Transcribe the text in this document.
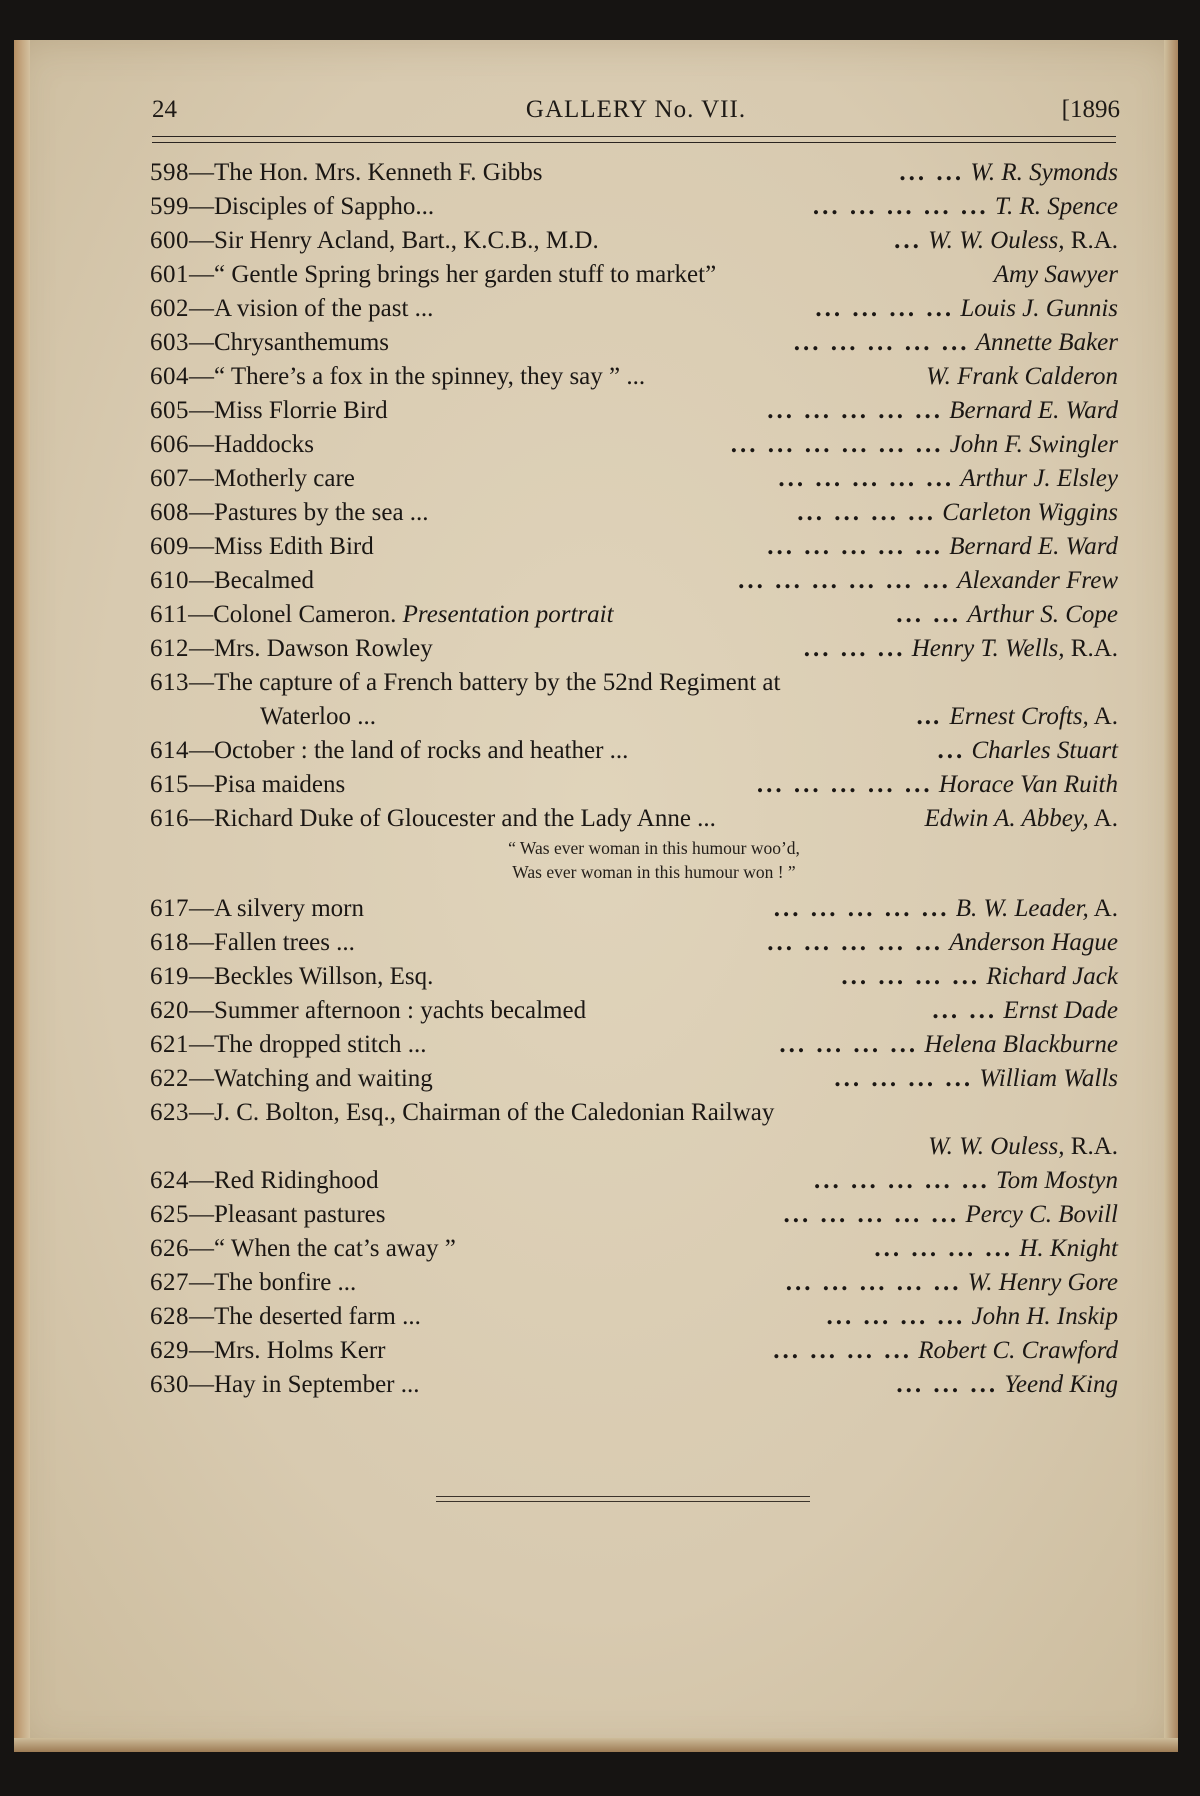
24	GALLERY No. VII.	[1896
598—The Hon. Mrs. Kenneth F. Gibbs	... ... W. R. Symonds
599—Disciples of Sappho...	... ... ... ... ... T. R. Spence
600—Sir Henry Acland, Bart., K.C.B., M.D.	... W. W. Ouless, R.A.
601—“ Gentle Spring brings her garden stuff to market”	Amy Sawyer
602—A vision of the past ...	... ... ... ... Louis J. Gunnis
603—Chrysanthemums	... ... ... ... ... Annette Baker
604—“ There’s a fox in the spinney, they say ” ...	W. Frank Calderon
605—Miss Florrie Bird	... ... ... ... ... Bernard E. Ward
606—Haddocks	... ... ... ... ... ... John F. Swingler
607—Motherly care	... ... ... ... ... Arthur J. Elsley
608—Pastures by the sea ...	... ... ... ... Carleton Wiggins
609—Miss Edith Bird	... ... ... ... ... Bernard E. Ward
610—Becalmed	... ... ... ... ... ... Alexander Frew
611—Colonel Cameron. Presentation portrait	... ... Arthur S. Cope
612—Mrs. Dawson Rowley	... ... ... Henry T. Wells, R.A.
613—The capture of a French battery by the 52nd Regiment at
Waterloo ...	... Ernest Crofts, A.
614—October : the land of rocks and heather ...	... Charles Stuart
615—Pisa maidens	... ... ... ... ... Horace Van Ruith
616—Richard Duke of Gloucester and the Lady Anne ...	Edwin A. Abbey, A.
“ Was ever woman in this humour woo’d,
Was ever woman in this humour won ! ”
617—A silvery morn	... ... ... ... ... B. W. Leader, A.
618—Fallen trees ...	... ... ... ... ... Anderson Hague
619—Beckles Willson, Esq.	... ... ... ... Richard Jack
620—Summer afternoon : yachts becalmed	... ... Ernst Dade
621—The dropped stitch ...	... ... ... ... Helena Blackburne
622—Watching and waiting	... ... ... ... William Walls
623—J. C. Bolton, Esq., Chairman of the Caledonian Railway
W. W. Ouless, R.A.
624—Red Ridinghood	... ... ... ... ... Tom Mostyn
625—Pleasant pastures	... ... ... ... ... Percy C. Bovill
626—“ When the cat’s away ”	... ... ... ... H. Knight
627—The bonfire ...	... ... ... ... ... W. Henry Gore
628—The deserted farm ...	... ... ... ... John H. Inskip
629—Mrs. Holms Kerr	... ... ... ... Robert C. Crawford
630—Hay in September ...	... ... ... Yeend King
